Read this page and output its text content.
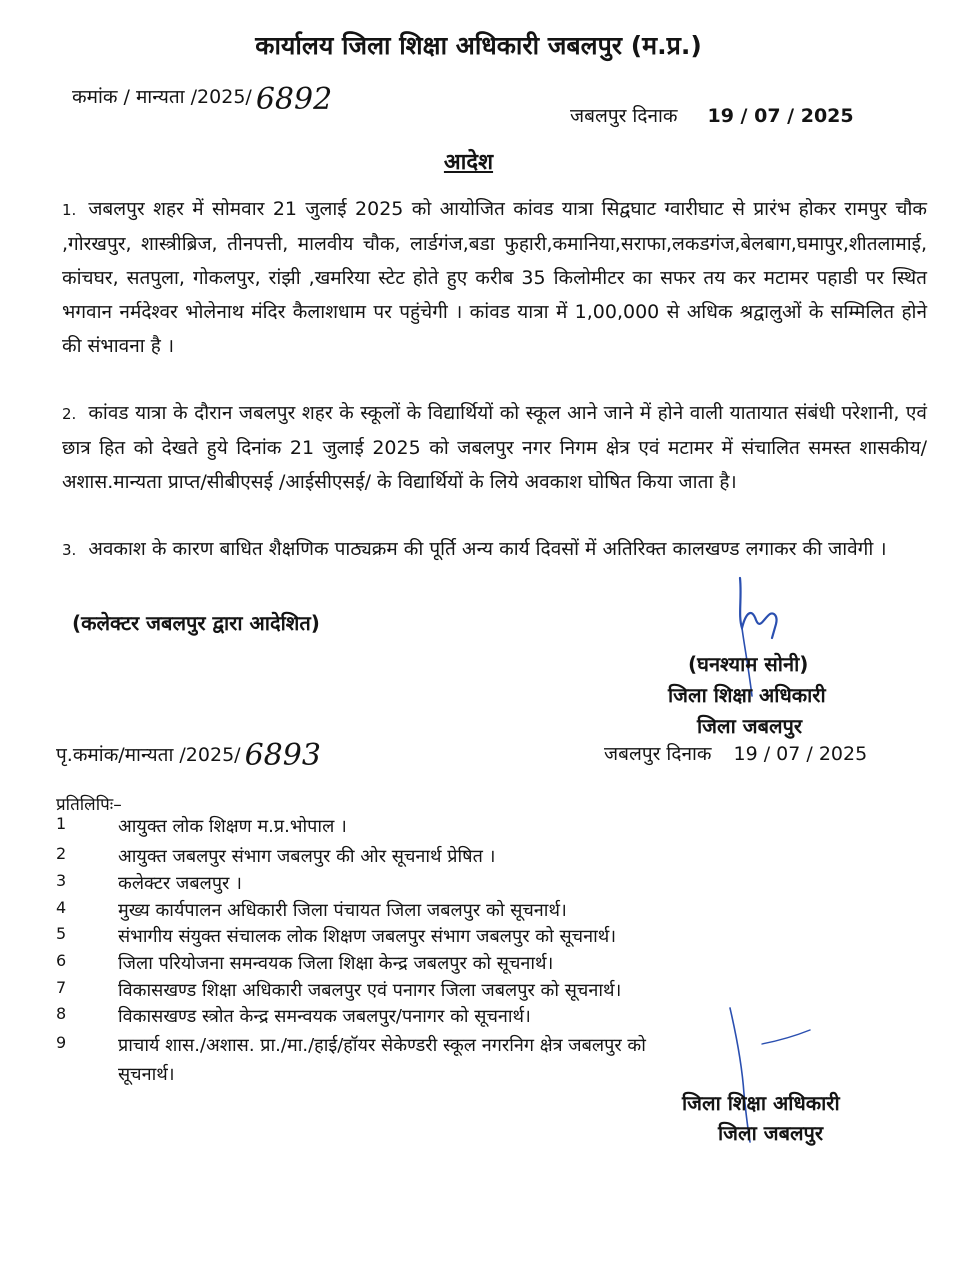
कार्यालय जिला शिक्षा अधिकारी जबलपुर (म.प्र.)
कमांक / मान्यता /2025/ 6892	जबलपुर दिनाक 19 / 07 / 2025
आदेश
1. जबलपुर शहर में सोमवार 21 जुलाई 2025 को आयोजित कांवड यात्रा सिद्वघाट ग्वारीघाट से प्रारंभ होकर रामपुर चौक ,गोरखपुर, शास्त्रीब्रिज, तीनपत्ती, मालवीय चौक, लार्डगंज,बडा फुहारी,कमानिया,सराफा,लकडगंज,बेलबाग,घमापुर,शीतलामाई, कांचघर, सतपुला, गोकलपुर, रांझी ,खमरिया स्टेट होते हुए करीब 35 किलोमीटर का सफर तय कर मटामर पहाडी पर स्थित भगवान नर्मदेश्वर भोलेनाथ मंदिर कैलाशधाम पर पहुंचेगी । कांवड यात्रा में 1,00,000 से अधिक श्रद्वालुओं के सम्मिलित होने की संभावना है ।
2. कांवड यात्रा के दौरान जबलपुर शहर के स्कूलों के विद्यार्थियों को स्कूल आने जाने में होने वाली यातायात संबंधी परेशानी, एवं छात्र हित को देखते हुये दिनांक 21 जुलाई 2025 को जबलपुर नगर निगम क्षेत्र एवं मटामर में संचालित समस्त शासकीय/अशास.मान्यता प्राप्त/सीबीएसई /आईसीएसई/ के विद्यार्थियों के लिये अवकाश घोषित किया जाता है।
3. अवकाश के कारण बाधित शैक्षणिक पाठ्यक्रम की पूर्ति अन्य कार्य दिवसों में अतिरिक्त कालखण्ड लगाकर की जावेगी ।
(कलेक्टर जबलपुर द्वारा आदेशित)
(घनश्याम सोनी)
जिला शिक्षा अधिकारी
जिला जबलपुर
पृ.कमांक/मान्यता /2025/ 6893	जबलपुर दिनाक 19 / 07 / 2025
प्रतिलिपिः–
1	आयुक्त लोक शिक्षण म.प्र.भोपाल ।
2	आयुक्त जबलपुर संभाग जबलपुर की ओर सूचनार्थ प्रेषित ।
3	कलेक्टर जबलपुर ।
4	मुख्य कार्यपालन अधिकारी जिला पंचायत जिला जबलपुर को सूचनार्थ।
5	संभागीय संयुक्त संचालक लोक शिक्षण जबलपुर संभाग जबलपुर को सूचनार्थ।
6	जिला परियोजना समन्वयक जिला शिक्षा केन्द्र जबलपुर को सूचनार्थ।
7	विकासखण्ड शिक्षा अधिकारी जबलपुर एवं पनागर जिला जबलपुर को सूचनार्थ।
8	विकासखण्ड स्त्रोत केन्द्र समन्वयक जबलपुर/पनागर को सूचनार्थ।
9	प्राचार्य शास./अशास. प्रा./मा./हाई/हॉयर सेकेण्डरी स्कूल नगरनिग क्षेत्र जबलपुर को
सूचनार्थ।
जिला शिक्षा अधिकारी
जिला जबलपुर
